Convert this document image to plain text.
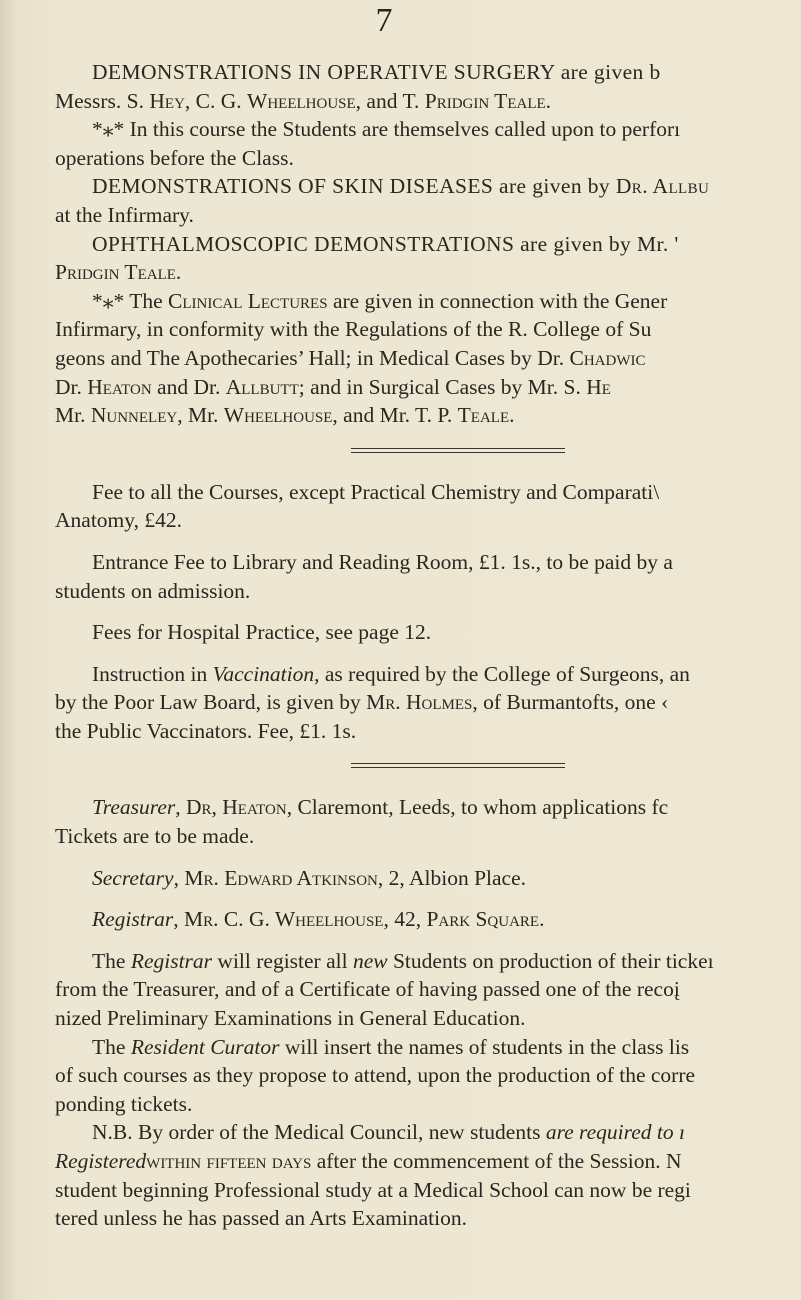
7

DEMONSTRATIONS IN OPERATIVE SURGERY are given b

Messrs. S. Hey, C. G. Wheelhouse, and T. Pridgin Teale.

*⁎* In this course the Students are themselves called upon to perforı

operations before the Class.

DEMONSTRATIONS OF SKIN DISEASES are given by Dr. Allbu

at the Infirmary.

OPHTHALMOSCOPIC DEMONSTRATIONS are given by Mr. '

Pridgin Teale.

*⁎* The Clinical Lectures are given in connection with the Gener

Infirmary, in conformity with the Regulations of the R. College of Su

geons and The Apothecaries’ Hall; in Medical Cases by Dr. Chadwic

Dr. Heaton and Dr. Allbutt; and in Surgical Cases by Mr. S. He

Mr. Nunneley, Mr. Wheelhouse, and Mr. T. P. Teale.

Fee to all the Courses, except Practical Chemistry and Comparati\

Anatomy, £42.

Entrance Fee to Library and Reading Room, £1. 1s., to be paid by a

students on admission.

Fees for Hospital Practice, see page 12.

Instruction in Vaccination, as required by the College of Surgeons, an

by the Poor Law Board, is given by Mr. Holmes, of Burmantofts, one ‹

the Public Vaccinators. Fee, £1. 1s.

Treasurer, Dr, Heaton, Claremont, Leeds, to whom applications fc

Tickets are to be made.

Secretary, Mr. Edward Atkinson, 2, Albion Place.

Registrar, Mr. C. G. Wheelhouse, 42, Park Square.

The Registrar will register all new Students on production of their tickeı

from the Treasurer, and of a Certificate of having passed one of the recoį

nized Preliminary Examinations in General Education.

The Resident Curator will insert the names of students in the class lis

of such courses as they propose to attend, upon the production of the corre

ponding tickets.

N.B. By order of the Medical Council, new students are required to ı

Registeredwithin fifteen days after the commencement of the Session. N

student beginning Professional study at a Medical School can now be regi

tered unless he has passed an Arts Examination.
